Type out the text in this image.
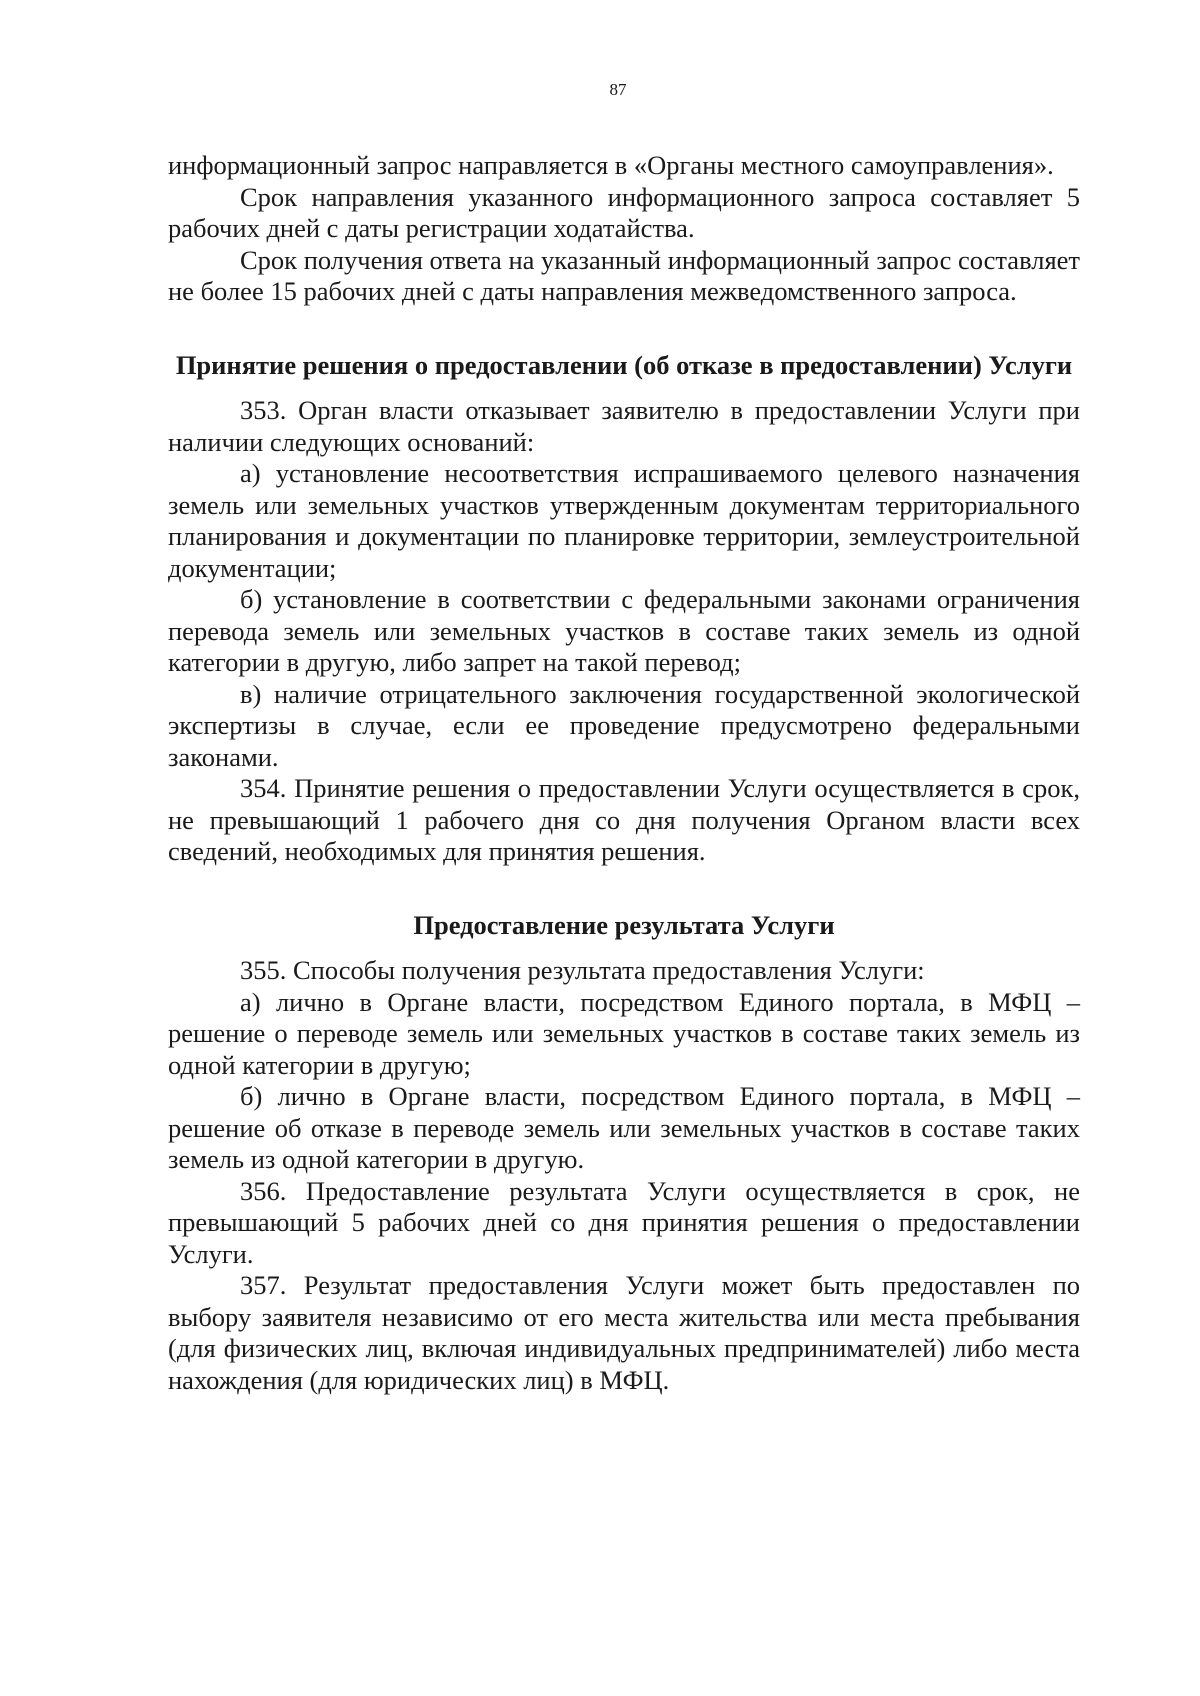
87

информационный запрос направляется в «Органы местного самоуправления».

Срок направления указанного информационного запроса составляет 5 рабочих дней с даты регистрации ходатайства.

Срок получения ответа на указанный информационный запрос составляет не более 15 рабочих дней с даты направления межведомственного запроса.

Принятие решения о предоставлении (об отказе в предоставлении) Услуги

353. Орган власти отказывает заявителю в предоставлении Услуги при наличии следующих оснований:

а) установление несоответствия испрашиваемого целевого назначения земель или земельных участков утвержденным документам территориального планирования и документации по планировке территории, землеустроительной документации;

б) установление в соответствии с федеральными законами ограничения перевода земель или земельных участков в составе таких земель из одной категории в другую, либо запрет на такой перевод;

в) наличие отрицательного заключения государственной экологической экспертизы в случае, если ее проведение предусмотрено федеральными законами.

354. Принятие решения о предоставлении Услуги осуществляется в срок, не превышающий 1 рабочего дня со дня получения Органом власти всех сведений, необходимых для принятия решения.

Предоставление результата Услуги

355. Способы получения результата предоставления Услуги:

а) лично в Органе власти, посредством Единого портала, в МФЦ – решение о переводе земель или земельных участков в составе таких земель из одной категории в другую;

б) лично в Органе власти, посредством Единого портала, в МФЦ – решение об отказе в переводе земель или земельных участков в составе таких земель из одной категории в другую.

356. Предоставление результата Услуги осуществляется в срок, не превышающий 5 рабочих дней со дня принятия решения о предоставлении Услуги.

357. Результат предоставления Услуги может быть предоставлен по выбору заявителя независимо от его места жительства или места пребывания (для физических лиц, включая индивидуальных предпринимателей) либо места нахождения (для юридических лиц) в МФЦ.
